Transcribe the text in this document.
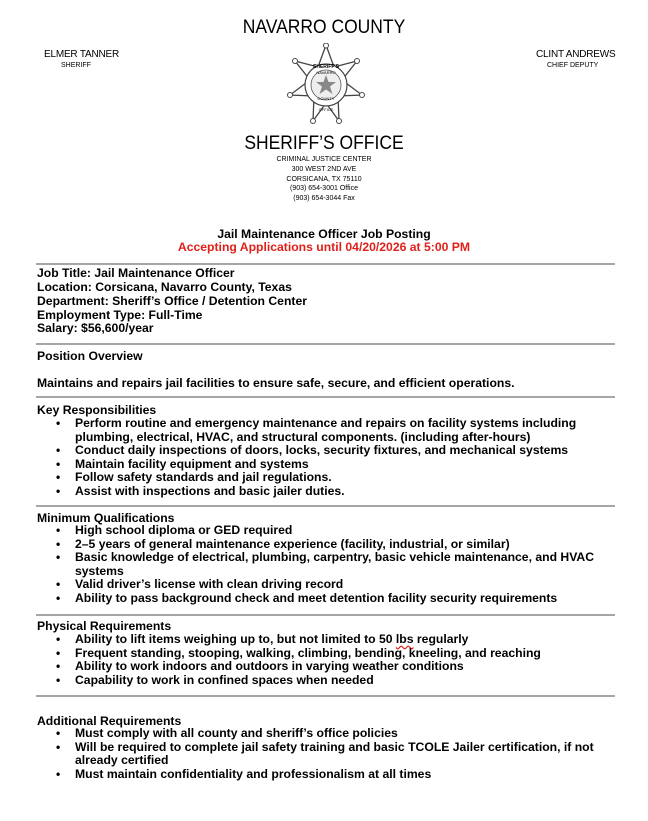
NAVARRO COUNTY
ELMER TANNER
SHERIFF
CLINT ANDREWS
CHIEF DEPUTY
SHERIFF'S
NAVARRO
COUNTY
OFFICE
SHERIFF’S OFFICE
CRIMINAL JUSTICE CENTER
300 WEST 2ND AVE
CORSICANA, TX 75110
(903) 654-3001 Office
(903) 654-3044 Fax
Jail Maintenance Officer Job Posting
Accepting Applications until 04/20/2026 at 5:00 PM
Job Title: Jail Maintenance Officer
Location: Corsicana, Navarro County, Texas
Department: Sheriff’s Office / Detention Center
Employment Type: Full-Time
Salary: $56,600/year
Position Overview
Maintains and repairs jail facilities to ensure safe, secure, and efficient operations.
Key Responsibilities
• Perform routine and emergency maintenance and repairs on facility systems including plumbing, electrical, HVAC, and structural components. (including after-hours)
• Conduct daily inspections of doors, locks, security fixtures, and mechanical systems
• Maintain facility equipment and systems
• Follow safety standards and jail regulations.
• Assist with inspections and basic jailer duties.
Minimum Qualifications
• High school diploma or GED required
• 2–5 years of general maintenance experience (facility, industrial, or similar)
• Basic knowledge of electrical, plumbing, carpentry, basic vehicle maintenance, and HVAC systems
• Valid driver’s license with clean driving record
• Ability to pass background check and meet detention facility security requirements
Physical Requirements
• Ability to lift items weighing up to, but not limited to 50 lbs regularly
• Frequent standing, stooping, walking, climbing, bending, kneeling, and reaching
• Ability to work indoors and outdoors in varying weather conditions
• Capability to work in confined spaces when needed
Additional Requirements
• Must comply with all county and sheriff’s office policies
• Will be required to complete jail safety training and basic TCOLE Jailer certification, if not already certified
• Must maintain confidentiality and professionalism at all times
